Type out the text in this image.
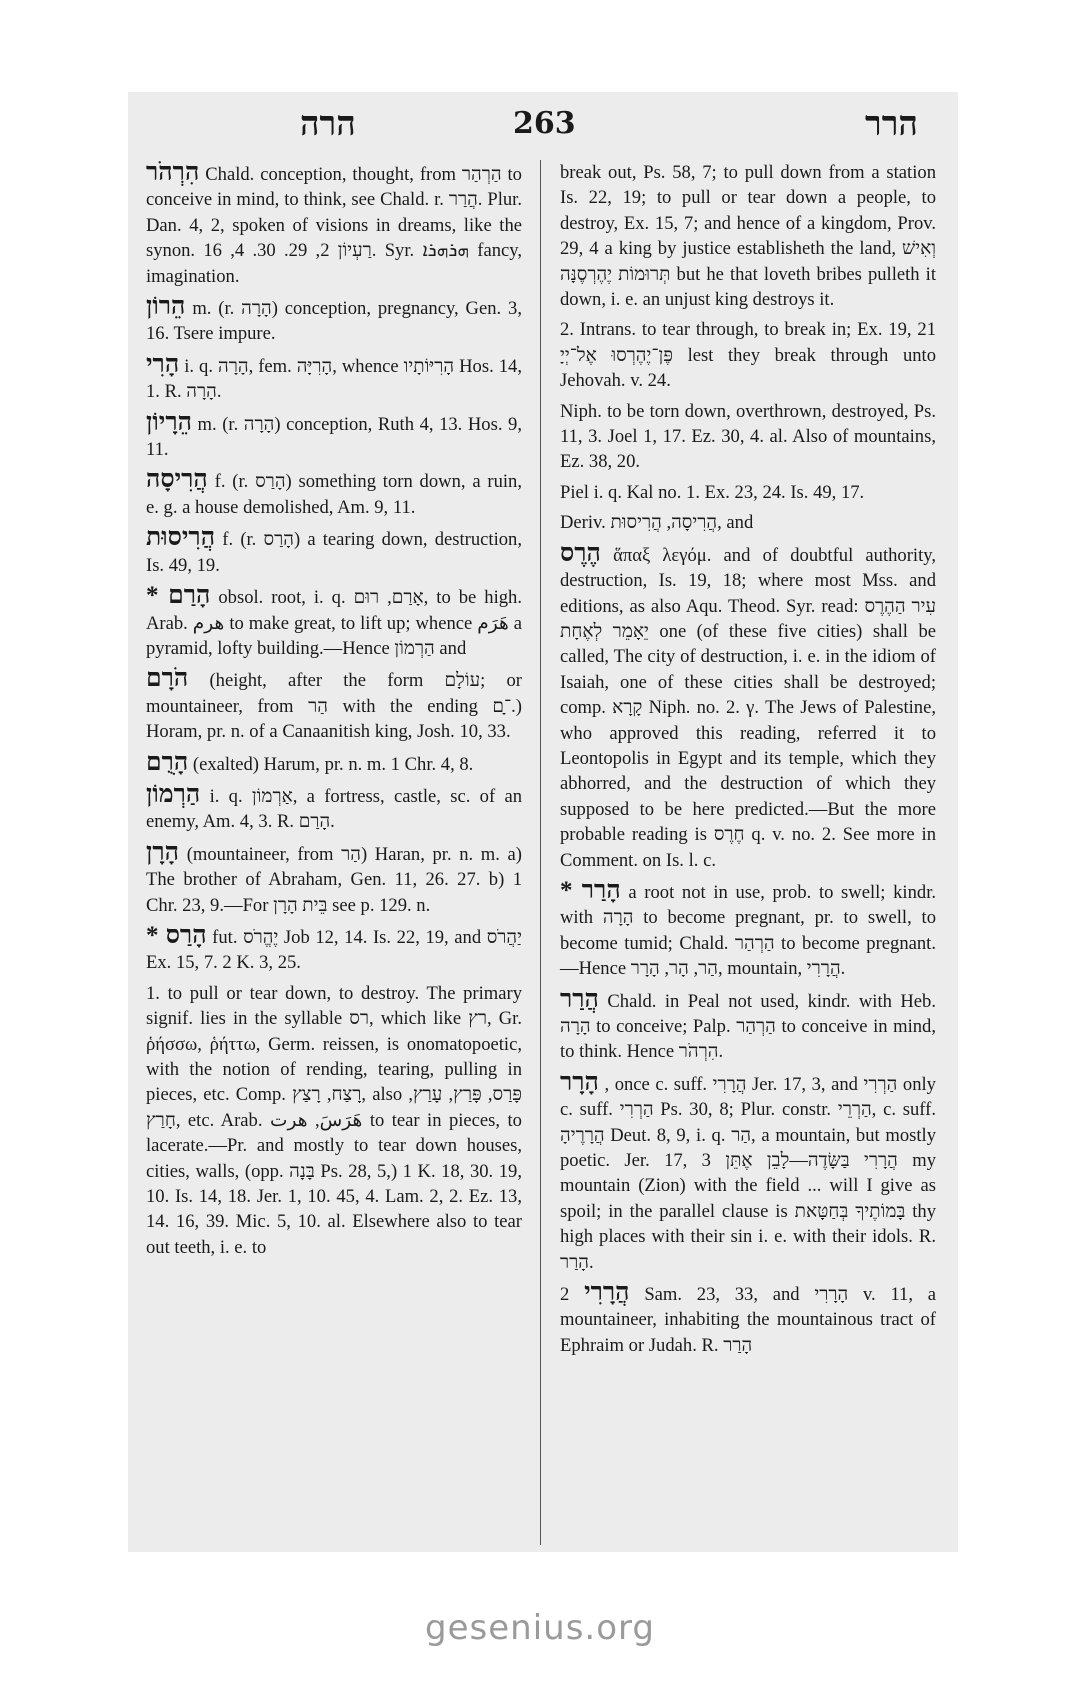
הרה	263	הרר

הִרְהֹר Chald. conception, thought, from הַרְהַר to conceive in mind, to think, see Chald. r. הֲרַר. Plur. Dan. 4, 2, spoken of visions in dreams, like the synon. רַעְיוֹן 2, 29. 30. 4, 16. Syr. ܗܪܗܪܐ fancy, imagination.

הֵרוֹן m. (r. הָרָה) conception, pregnancy, Gen. 3, 16. Tsere impure.

הָרִי i. q. הָרָה, fem. הָרִיָּה, whence הָרִיּוֹתָיו Hos. 14, 1. R. הָרָה.

הֵרָיוֹן m. (r. הָרָה) conception, Ruth 4, 13. Hos. 9, 11.

הֲרִיסָה f. (r. הָרַס) something torn down, a ruin, e. g. a house demolished, Am. 9, 11.

הֲרִיסוּת f. (r. הָרַס) a tearing down, destruction, Is. 49, 19.

* הָרַם obsol. root, i. q. אָרַם, רוּם, to be high. Arab. هرم to make great, to lift up; whence هَرَم a pyramid, lofty building.—Hence הַרְמוֹן and

הֹרָם (height, after the form עוֹלָם; or mountaineer, from הַר with the ending ־ָם.) Horam, pr. n. of a Canaanitish king, Josh. 10, 33.

הָרֻם (exalted) Harum, pr. n. m. 1 Chr. 4, 8.

הַרְמוֹן i. q. אַרְמוֹן, a fortress, castle, sc. of an enemy, Am. 4, 3. R. הָרַם.

הָרָן (mountaineer, from הַר) Haran, pr. n. m. a) The brother of Abraham, Gen. 11, 26. 27. b) 1 Chr. 23, 9.—For בֵּית הָרָן see p. 129. n.

* הָרַס fut. יֶהֱרֹס Job 12, 14. Is. 22, 19, and יַהֲרֹס Ex. 15, 7. 2 K. 3, 25.

1. to pull or tear down, to destroy. The primary signif. lies in the syllable רס, which like רץ, Gr. ῥήσσω, ῥήττω, Germ. reissen, is onomatopoetic, with the notion of rending, tearing, pulling in pieces, etc. Comp. רָצַח, רָצַץ, also פָּרַס, פָּרַץ, עָרַץ, חָרַץ, etc. Arab. هَرَسَ, هرت to tear in pieces, to lacerate.—Pr. and mostly to tear down houses, cities, walls, (opp. בָּנָה Ps. 28, 5,) 1 K. 18, 30. 19, 10. Is. 14, 18. Jer. 1, 10. 45, 4. Lam. 2, 2. Ez. 13, 14. 16, 39. Mic. 5, 10. al. Elsewhere also to tear out teeth, i. e. to

break out, Ps. 58, 7; to pull down from a station Is. 22, 19; to pull or tear down a people, to destroy, Ex. 15, 7; and hence of a kingdom, Prov. 29, 4 a king by justice establisheth the land, וְאִישׁ תְּרוּמוֹת יֶהֶרְסֶנָּה but he that loveth bribes pulleth it down, i. e. an unjust king destroys it.

2. Intrans. to tear through, to break in; Ex. 19, 21 פֶּן־יֶהֶרְסוּ אֶל־יְיָ lest they break through unto Jehovah. v. 24.

Niph. to be torn down, overthrown, destroyed, Ps. 11, 3. Joel 1, 17. Ez. 30, 4. al. Also of mountains, Ez. 38, 20.

Piel i. q. Kal no. 1. Ex. 23, 24. Is. 49, 17.

Deriv. הֲרִיסָה, הֲרִיסוּת, and

הֶרֶס ἅπαξ λεγόμ. and of doubtful authority, destruction, Is. 19, 18; where most Mss. and editions, as also Aqu. Theod. Syr. read: עִיר הַהֶרֶס יֵאָמֵר לְאֶחָת one (of these five cities) shall be called, The city of destruction, i. e. in the idiom of Isaiah, one of these cities shall be destroyed; comp. קָרָא Niph. no. 2. γ. The Jews of Palestine, who approved this reading, referred it to Leontopolis in Egypt and its temple, which they abhorred, and the destruction of which they supposed to be here predicted.—But the more probable reading is חֶרֶס q. v. no. 2. See more in Comment. on Is. l. c.

* הָרַר a root not in use, prob. to swell; kindr. with הָרָה to become pregnant, pr. to swell, to become tumid; Chald. הַרְהַר to become pregnant.—Hence הַר, הָר, הָרָר, mountain, הֲרָרִי.

הֲרַר Chald. in Peal not used, kindr. with Heb. הָרָה to conceive; Palp. הַרְהַר to conceive in mind, to think. Hence הִרְהֹר.

הָרָר , once c. suff. הֲרָרִי Jer. 17, 3, and הַרְרִי only c. suff. הַרְרִי Ps. 30, 8; Plur. constr. הַרְרֵי, c. suff. הֲרָרֶיהָ Deut. 8, 9, i. q. הַר, a mountain, but mostly poetic. Jer. 17, 3 הֲרָרִי בַּשָּׂדֶה—לָבֵן אֶתֵּן my mountain (Zion) with the field ... will I give as spoil; in the parallel clause is בָּמוֹתֶיךָ בְּחַטָּאת thy high places with their sin i. e. with their idols. R. הָרַר.

הֲרָרִי 2 Sam. 23, 33, and הָרָרִי v. 11, a mountaineer, inhabiting the mountainous tract of Ephraim or Judah. R. הָרַר

gesenius.org
